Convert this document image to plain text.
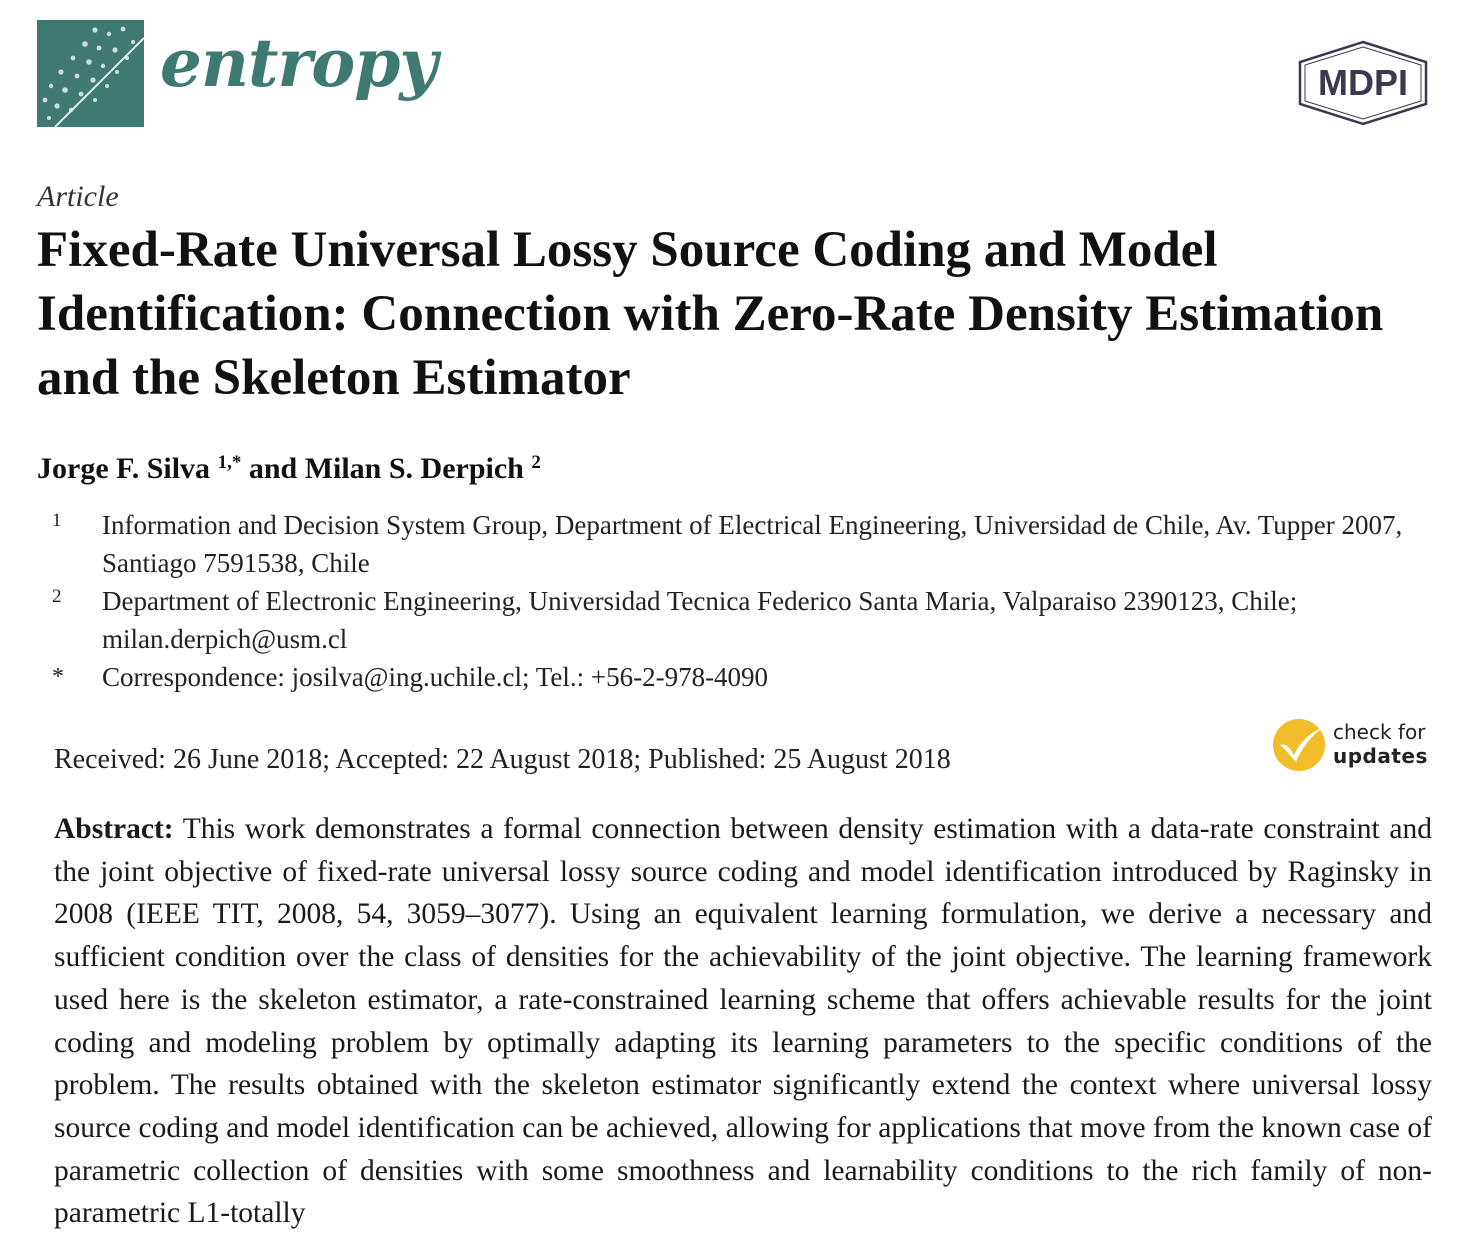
entropy	MDPI
Article
Fixed-Rate Universal Lossy Source Coding and Model Identification: Connection with Zero-Rate Density Estimation and the Skeleton Estimator
Jorge F. Silva $^{1,*}$ and Milan S. Derpich $^2$
1 Information and Decision System Group, Department of Electrical Engineering, Universidad de Chile, Av. Tupper 2007, Santiago 7591538, Chile
2 Department of Electronic Engineering, Universidad Tecnica Federico Santa Maria, Valparaiso 2390123, Chile; milan.derpich@usm.cl
* Correspondence: josilva@ing.uchile.cl; Tel.: +56-2-978-4090
Received: 26 June 2018; Accepted: 22 August 2018; Published: 25 August 2018
check for
updates

Abstract: This work demonstrates a formal connection between density estimation with a data-rate constraint and the joint objective of fixed-rate universal lossy source coding and model identification introduced by Raginsky in 2008 (IEEE TIT, 2008, 54, 3059–3077). Using an equivalent learning formulation, we derive a necessary and sufficient condition over the class of densities for the achievability of the joint objective. The learning framework used here is the skeleton estimator, a rate-constrained learning scheme that offers achievable results for the joint coding and modeling problem by optimally adapting its learning parameters to the specific conditions of the problem. The results obtained with the skeleton estimator significantly extend the context where universal lossy source coding and model identification can be achieved, allowing for applications that move from the known case of parametric collection of densities with some smoothness and learnability conditions to the rich family of non-parametric L1-totally
